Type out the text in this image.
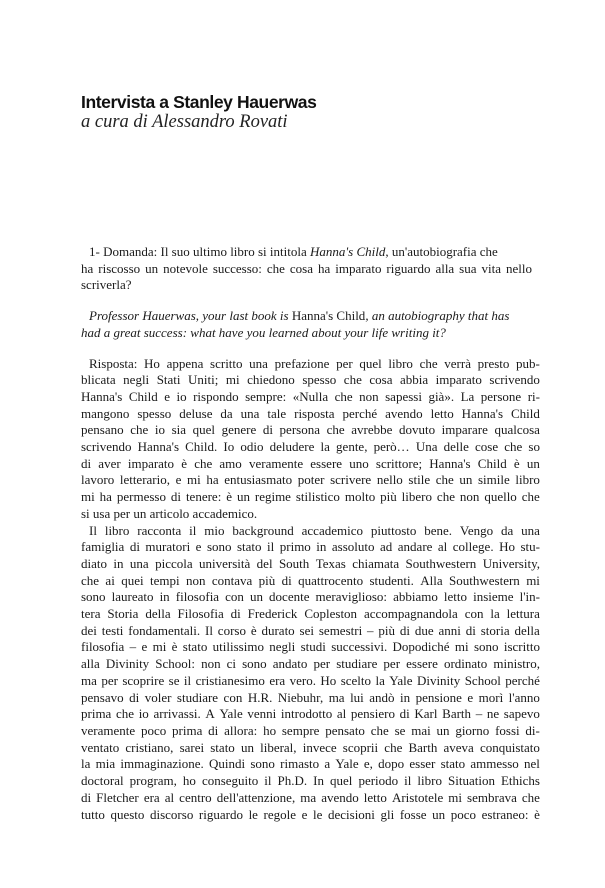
Intervista a Stanley Hauerwas
a cura di Alessandro Rovati

1- Domanda: Il suo ultimo libro si intitola Hanna's Child, un'autobiografia che
ha riscosso un notevole successo: che cosa ha imparato riguardo alla sua vita nello
scriverla?

Professor Hauerwas, your last book is Hanna's Child, an autobiography that has
had a great success: what have you learned about your life writing it?

Risposta: Ho appena scritto una prefazione per quel libro che verrà presto pub-
blicata negli Stati Uniti; mi chiedono spesso che cosa abbia imparato scrivendo
Hanna's Child e io rispondo sempre: «Nulla che non sapessi già». La persone ri-
mangono spesso deluse da una tale risposta perché avendo letto Hanna's Child
pensano che io sia quel genere di persona che avrebbe dovuto imparare qualcosa
scrivendo Hanna's Child. Io odio deludere la gente, però… Una delle cose che so
di aver imparato è che amo veramente essere uno scrittore; Hanna's Child è un
lavoro letterario, e mi ha entusiasmato poter scrivere nello stile che un simile libro
mi ha permesso di tenere: è un regime stilistico molto più libero che non quello che
si usa per un articolo accademico.

Il libro racconta il mio background accademico piuttosto bene. Vengo da una
famiglia di muratori e sono stato il primo in assoluto ad andare al college. Ho stu-
diato in una piccola università del South Texas chiamata Southwestern University,
che ai quei tempi non contava più di quattrocento studenti. Alla Southwestern mi
sono laureato in filosofia con un docente meraviglioso: abbiamo letto insieme l'in-
tera Storia della Filosofia di Frederick Copleston accompagnandola con la lettura
dei testi fondamentali. Il corso è durato sei semestri – più di due anni di storia della
filosofia – e mi è stato utilissimo negli studi successivi. Dopodiché mi sono iscritto
alla Divinity School: non ci sono andato per studiare per essere ordinato ministro,
ma per scoprire se il cristianesimo era vero. Ho scelto la Yale Divinity School perché
pensavo di voler studiare con H.R. Niebuhr, ma lui andò in pensione e morì l'anno
prima che io arrivassi. A Yale venni introdotto al pensiero di Karl Barth – ne sapevo
veramente poco prima di allora: ho sempre pensato che se mai un giorno fossi di-
ventato cristiano, sarei stato un liberal, invece scoprii che Barth aveva conquistato
la mia immaginazione. Quindi sono rimasto a Yale e, dopo esser stato ammesso nel
doctoral program, ho conseguito il Ph.D. In quel periodo il libro Situation Ethichs
di Fletcher era al centro dell'attenzione, ma avendo letto Aristotele mi sembrava che
tutto questo discorso riguardo le regole e le decisioni gli fosse un poco estraneo: è
